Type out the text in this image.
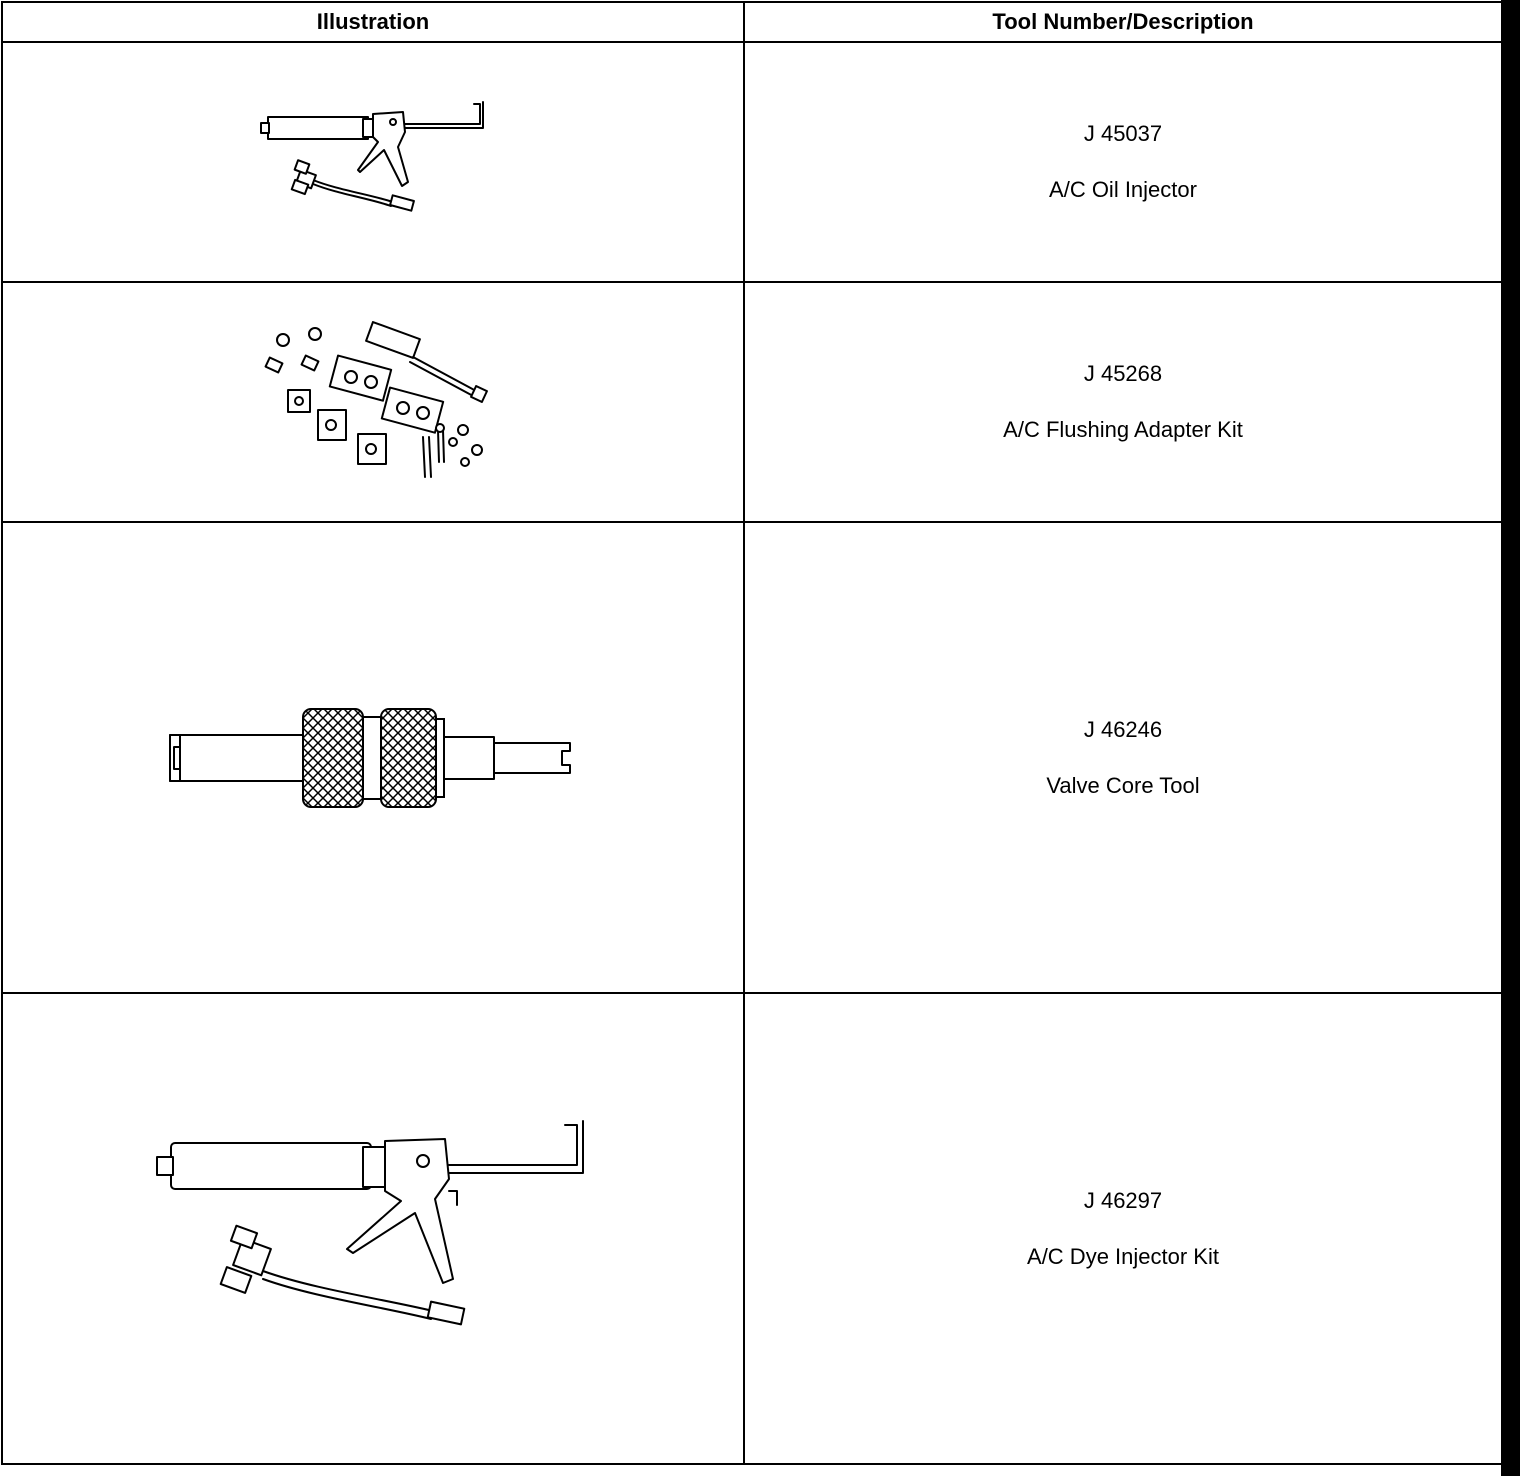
Illustration	Tool Number/Description

J 45037
A/C Oil Injector

J 45268
A/C Flushing Adapter Kit

J 46246
Valve Core Tool

J 46297
A/C Dye Injector Kit
